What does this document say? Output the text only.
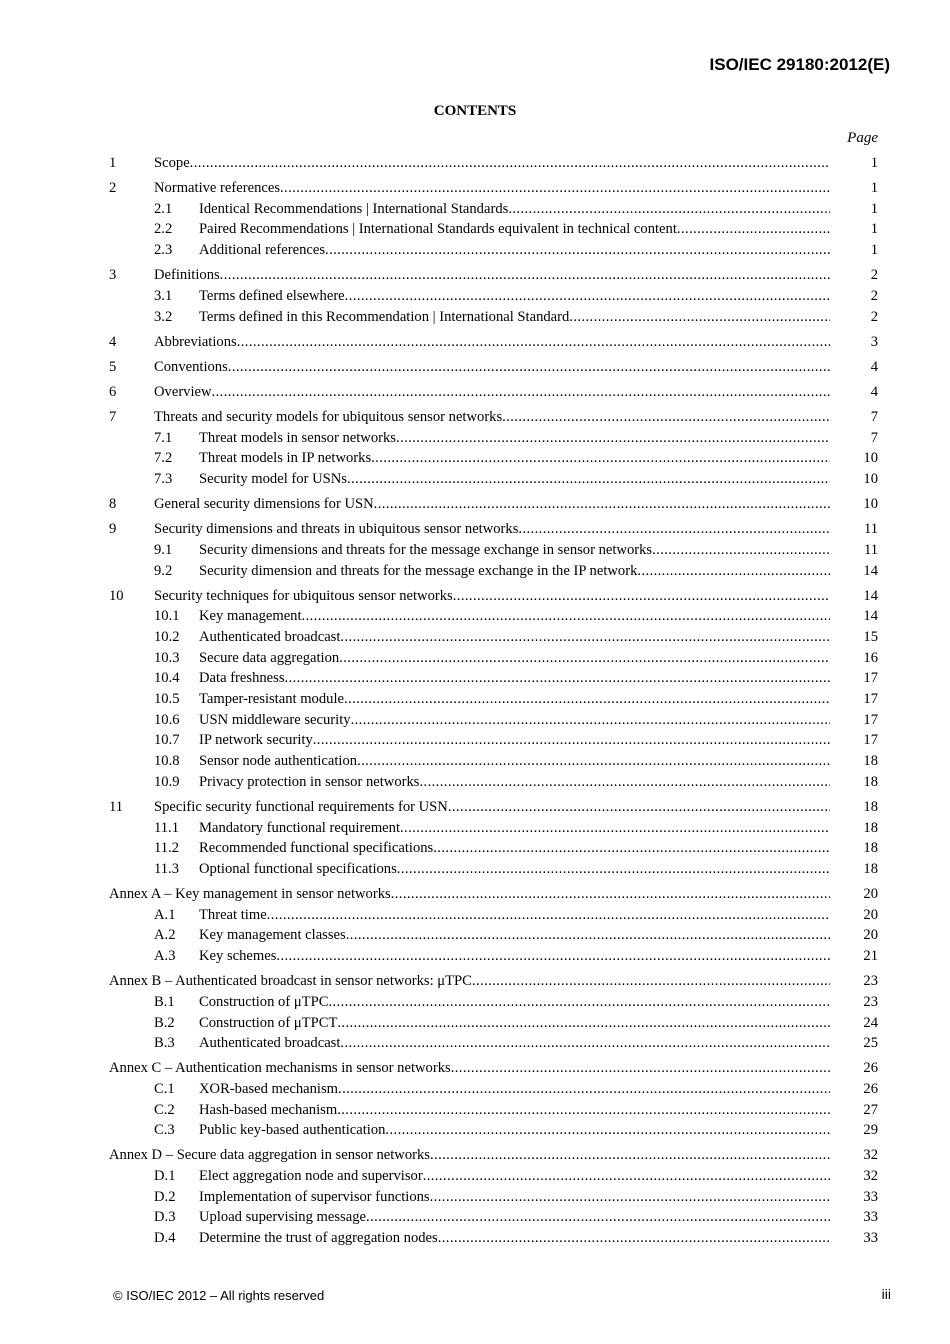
ISO/IEC 29180:2012(E)
CONTENTS
Page
1	Scope .....	1
2	Normative references .....	1
2.1 Identical Recommendations | International Standards .....	1
2.2 Paired Recommendations | International Standards equivalent in technical content .....	1
2.3 Additional references .....	1
3	Definitions .....	2
3.1 Terms defined elsewhere .....	2
3.2 Terms defined in this Recommendation | International Standard .....	2
4	Abbreviations .....	3
5	Conventions .....	4
6	Overview .....	4
7	Threats and security models for ubiquitous sensor networks .....	7
7.1 Threat models in sensor networks .....	7
7.2 Threat models in IP networks .....	10
7.3 Security model for USNs .....	10
8	General security dimensions for USN .....	10
9	Security dimensions and threats in ubiquitous sensor networks .....	11
9.1 Security dimensions and threats for the message exchange in sensor networks .....	11
9.2 Security dimension and threats for the message exchange in the IP network .....	14
10 Security techniques for ubiquitous sensor networks .....	14
10.1 Key management .....	14
10.2 Authenticated broadcast .....	15
10.3 Secure data aggregation .....	16
10.4 Data freshness .....	17
10.5 Tamper-resistant module .....	17
10.6 USN middleware security .....	17
10.7 IP network security .....	17
10.8 Sensor node authentication .....	18
10.9 Privacy protection in sensor networks .....	18
11 Specific security functional requirements for USN .....	18
11.1 Mandatory functional requirement .....	18
11.2 Recommended functional specifications .....	18
11.3 Optional functional specifications .....	18
Annex A – Key management in sensor networks .....	20
A.1 Threat time .....	20
A.2 Key management classes .....	20
A.3 Key schemes .....	21
Annex B – Authenticated broadcast in sensor networks: μTPC .....	23
B.1 Construction of μTPC .....	23
B.2 Construction of μTPCT .....	24
B.3 Authenticated broadcast .....	25
Annex C – Authentication mechanisms in sensor networks .....	26
C.1 XOR-based mechanism .....	26
C.2 Hash-based mechanism .....	27
C.3 Public key-based authentication .....	29
Annex D – Secure data aggregation in sensor networks .....	32
D.1 Elect aggregation node and supervisor .....	32
D.2 Implementation of supervisor functions .....	33
D.3 Upload supervising message .....	33
D.4 Determine the trust of aggregation nodes .....	33
© ISO/IEC 2012 – All rights reserved	iii
